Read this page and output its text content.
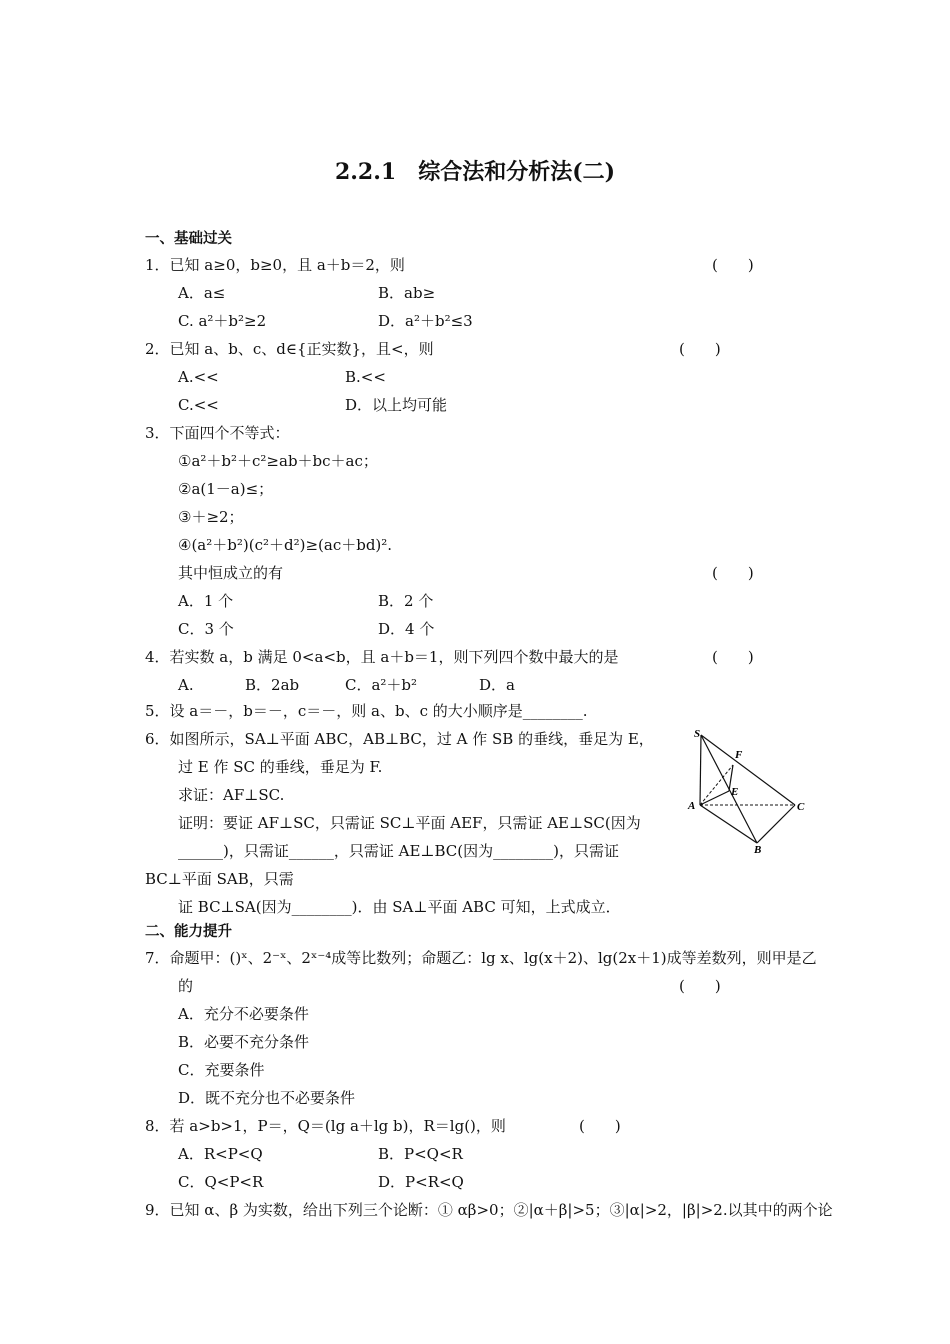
2.2.1　综合法和分析法(二)
一、基础过关
1．已知 a≥0，b≥0，且 a＋b＝2，则	(　　)
A．a≤	B．ab≥
C. a²＋b²≥2	D．a²＋b²≤3
2．已知 a、b、c、d∈{正实数}，且<，则	(　　)
A.<<	B.<<
C.<<	D．以上均可能
3．下面四个不等式：
①a²＋b²＋c²≥ab＋bc＋ac；
②a(1－a)≤；
③＋≥2；
④(a²＋b²)(c²＋d²)≥(ac＋bd)².
其中恒成立的有	(　　)
A．1 个	B．2 个
C．3 个	D．4 个
4．若实数 a，b 满足 0<a<b，且 a＋b＝1，则下列四个数中最大的是	(　　)
A.	B．2ab	C．a²＋b²	D．a
5．设 a＝－，b＝－，c＝－，则 a、b、c 的大小顺序是________.
6．如图所示，SA⊥平面 ABC，AB⊥BC，过 A 作 SB 的垂线，垂足为 E，
过 E 作 SC 的垂线，垂足为 F.
求证：AF⊥SC.
证明：要证 AF⊥SC，只需证 SC⊥平面 AEF，只需证 AE⊥SC(因为
______)，只需证______，只需证 AE⊥BC(因为________)，只需证
BC⊥平面 SAB，只需
证 BC⊥SA(因为________)．由 SA⊥平面 ABC 可知，上式成立．
S
F
E
A	C
B
二、能力提升
7．命题甲：()ˣ、2⁻ˣ、2ˣ⁻⁴成等比数列；命题乙：lg x、lg(x＋2)、lg(2x＋1)成等差数列，则甲是乙
的	(　　)
A．充分不必要条件
B．必要不充分条件
C．充要条件
D．既不充分也不必要条件
8．若 a>b>1，P＝，Q＝(lg a＋lg b)，R＝lg()，则	(　　)
A．R<P<Q	B．P<Q<R
C．Q<P<R	D．P<R<Q
9．已知 α、β 为实数，给出下列三个论断：① αβ>0；②|α＋β|>5；③|α|>2，|β|>2.以其中的两个论
